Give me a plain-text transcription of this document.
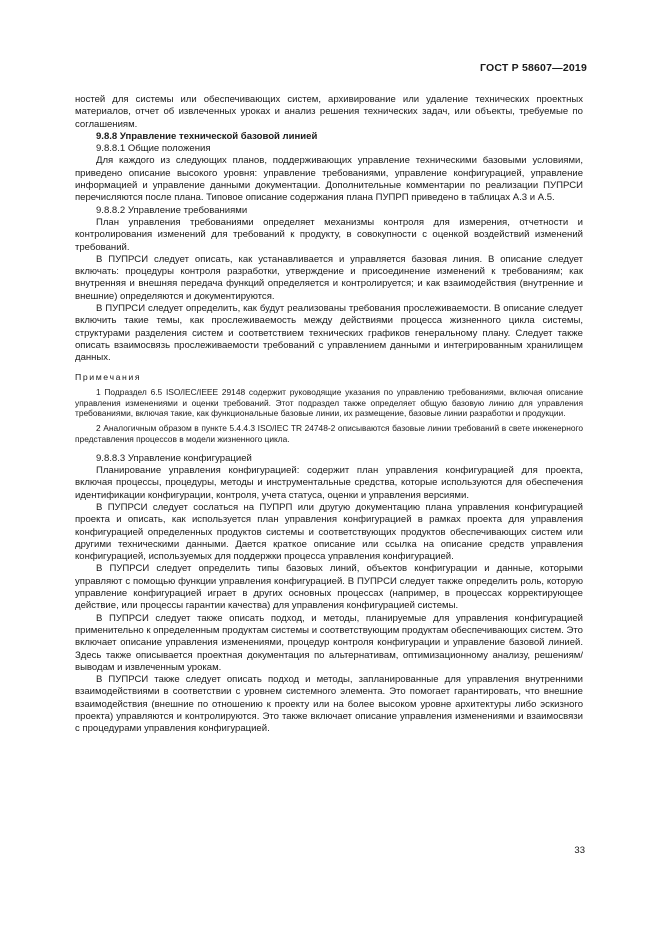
ГОСТ Р 58607—2019

ностей для системы или обеспечивающих систем, архивирование или удаление технических проектных материалов, отчет об извлеченных уроках и анализ решения технических задач, или объекты, требуемые по соглашениям.

9.8.8 Управление технической базовой линией

9.8.8.1 Общие положения

Для каждого из следующих планов, поддерживающих управление техническими базовыми условиями, приведено описание высокого уровня: управление требованиями, управление конфигурацией, управление информацией и управление данными документации. Дополнительные комментарии по реализации ПУПРСИ перечисляются после плана. Типовое описание содержания плана ПУПРП приведено в таблицах А.3 и А.5.

9.8.8.2 Управление требованиями

План управления требованиями определяет механизмы контроля для измерения, отчетности и контролирования изменений для требований к продукту, в совокупности с оценкой воздействий изменений требований.

В ПУПРСИ следует описать, как устанавливается и управляется базовая линия. В описание следует включать: процедуры контроля разработки, утверждение и присоединение изменений к требованиям; как внутренняя и внешняя передача функций определяется и контролируется; и как взаимодействия (внутренние и внешние) определяются и документируются.

В ПУПРСИ следует определить, как будут реализованы требования прослеживаемости. В описание следует включить такие темы, как прослеживаемость между действиями процесса жизненного цикла системы, структурами разделения систем и соответствием технических графиков генеральному плану. Следует также описать взаимосвязь прослеживаемости требований с управлением данными и интегрированным хранилищем данных.

Примечания

1 Подраздел 6.5 ISO/IEC/IEEE 29148 содержит руководящие указания по управлению требованиями, включая описание управления изменениями и оценки требований. Этот подраздел также определяет общую базовую линию для управления требованиями, включая такие, как функциональные базовые линии, их размещение, базовые линии разработки и продукции.

2 Аналогичным образом в пункте 5.4.4.3 ISO/IEC TR 24748-2 описываются базовые линии требований в свете инженерного представления процессов в модели жизненного цикла.

9.8.8.3 Управление конфигурацией

Планирование управления конфигурацией: содержит план управления конфигурацией для проекта, включая процессы, процедуры, методы и инструментальные средства, которые используются для обеспечения идентификации конфигурации, контроля, учета статуса, оценки и управления версиями.

В ПУПРСИ следует сослаться на ПУПРП или другую документацию плана управления конфигурацией проекта и описать, как используется план управления конфигурацией в рамках проекта для управления конфигурацией определенных продуктов системы и соответствующих продуктов обеспечивающих систем или другими техническими данными. Дается краткое описание или ссылка на описание средств управления конфигурацией, используемых для поддержки процесса управления конфигурацией.

В ПУПРСИ следует определить типы базовых линий, объектов конфигурации и данные, которыми управляют с помощью функции управления конфигурацией. В ПУПРСИ следует также определить роль, которую управление конфигурацией играет в других основных процессах (например, в процессах корректирующее действие, или процессы гарантии качества) для управления конфигурацией системы.

В ПУПРСИ следует также описать подход, и методы, планируемые для управления конфигурацией применительно к определенным продуктам системы и соответствующим продуктам обеспечивающих систем. Это включает описание управления изменениями, процедур контроля конфигурации и управление базовой линией. Здесь также описывается проектная документация по альтернативам, оптимизационному анализу, решениям/выводам и извлеченным урокам.

В ПУПРСИ также следует описать подход и методы, запланированные для управления внутренними взаимодействиями в соответствии с уровнем системного элемента. Это помогает гарантировать, что внешние взаимодействия (внешние по отношению к проекту или на более высоком уровне архитектуры либо эскизного проекта) управляются и контролируются. Это также включает описание управления изменениями и взаимосвязи с процедурами управления конфигурацией.

33
